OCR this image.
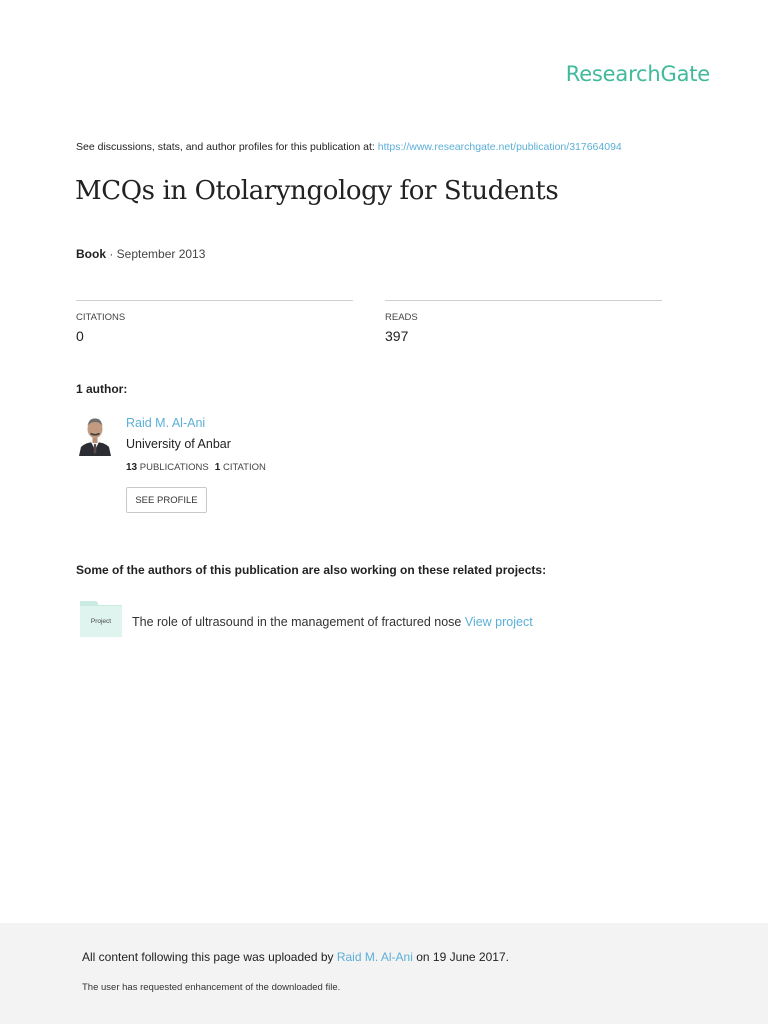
ResearchGate
See discussions, stats, and author profiles for this publication at: https://www.researchgate.net/publication/317664094
MCQs in Otolaryngology for Students
Book · September 2013
CITATIONS
0
READS
397
1 author:
Raid M. Al-Ani
University of Anbar
13 PUBLICATIONS 1 CITATION
SEE PROFILE
Some of the authors of this publication are also working on these related projects:
Project The role of ultrasound in the management of fractured nose View project
All content following this page was uploaded by Raid M. Al-Ani on 19 June 2017.
The user has requested enhancement of the downloaded file.
